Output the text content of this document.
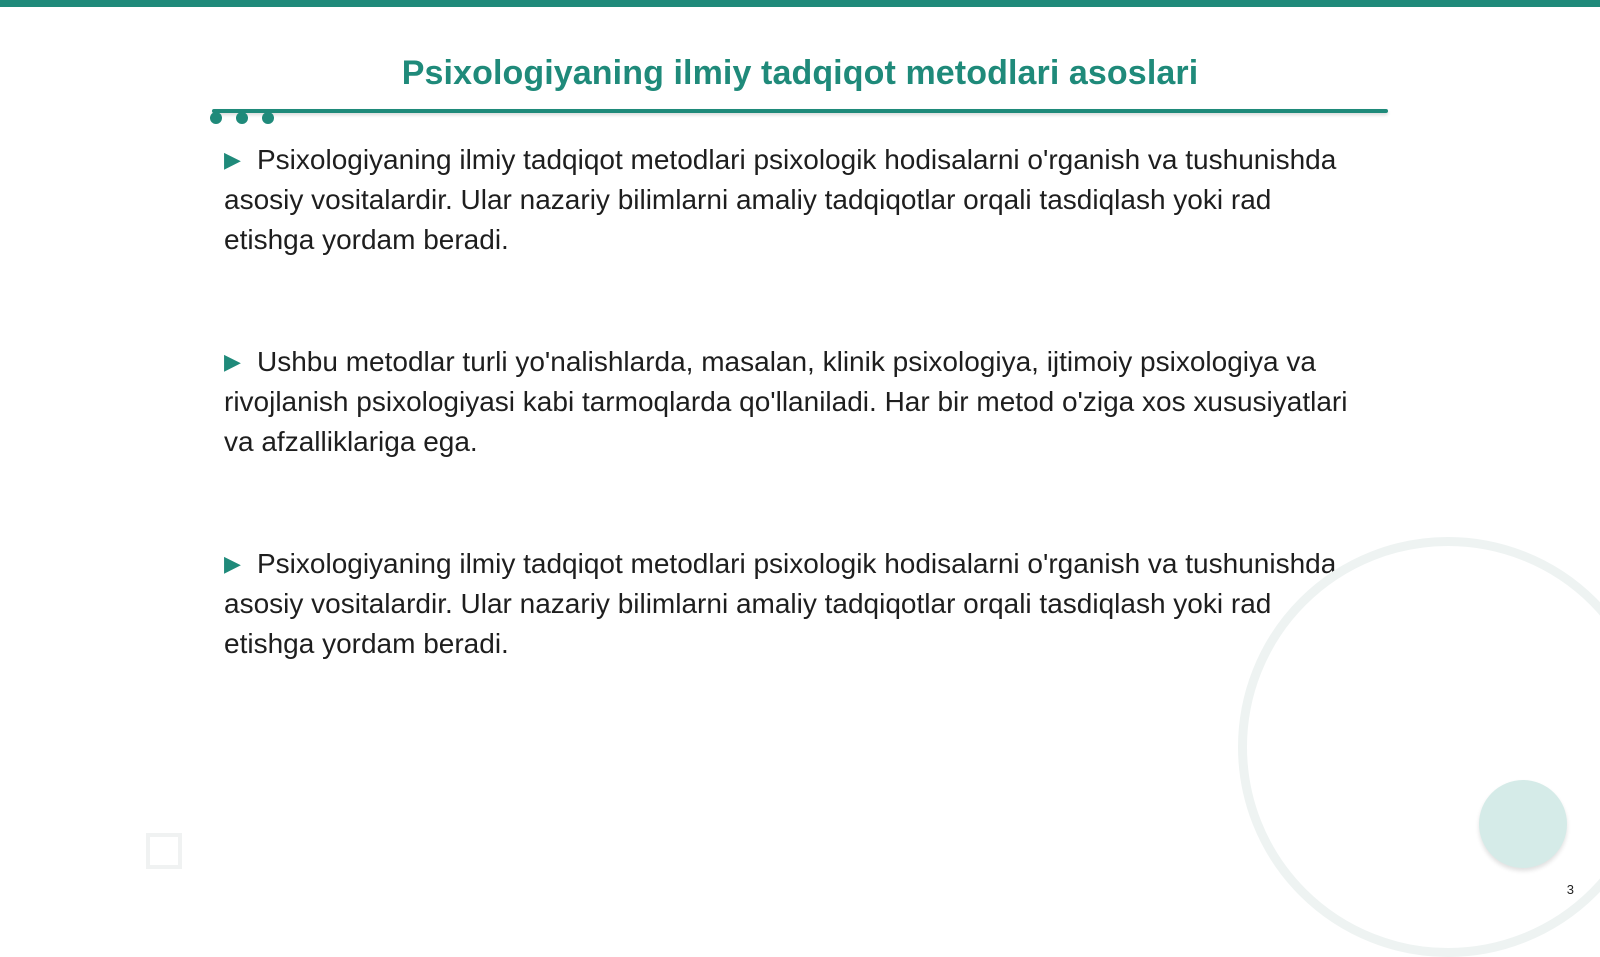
Psixologiyaning ilmiy tadqiqot metodlari asoslari

▶ Psixologiyaning ilmiy tadqiqot metodlari psixologik hodisalarni o'rganish va tushunishda asosiy vositalardir. Ular nazariy bilimlarni amaliy tadqiqotlar orqali tasdiqlash yoki rad etishga yordam beradi.

▶ Ushbu metodlar turli yo'nalishlarda, masalan, klinik psixologiya, ijtimoiy psixologiya va rivojlanish psixologiyasi kabi tarmoqlarda qo'llaniladi. Har bir metod o'ziga xos xususiyatlari va afzalliklariga ega.

▶ Psixologiyaning ilmiy tadqiqot metodlari psixologik hodisalarni o'rganish va tushunishda asosiy vositalardir. Ular nazariy bilimlarni amaliy tadqiqotlar orqali tasdiqlash yoki rad etishga yordam beradi.

3
